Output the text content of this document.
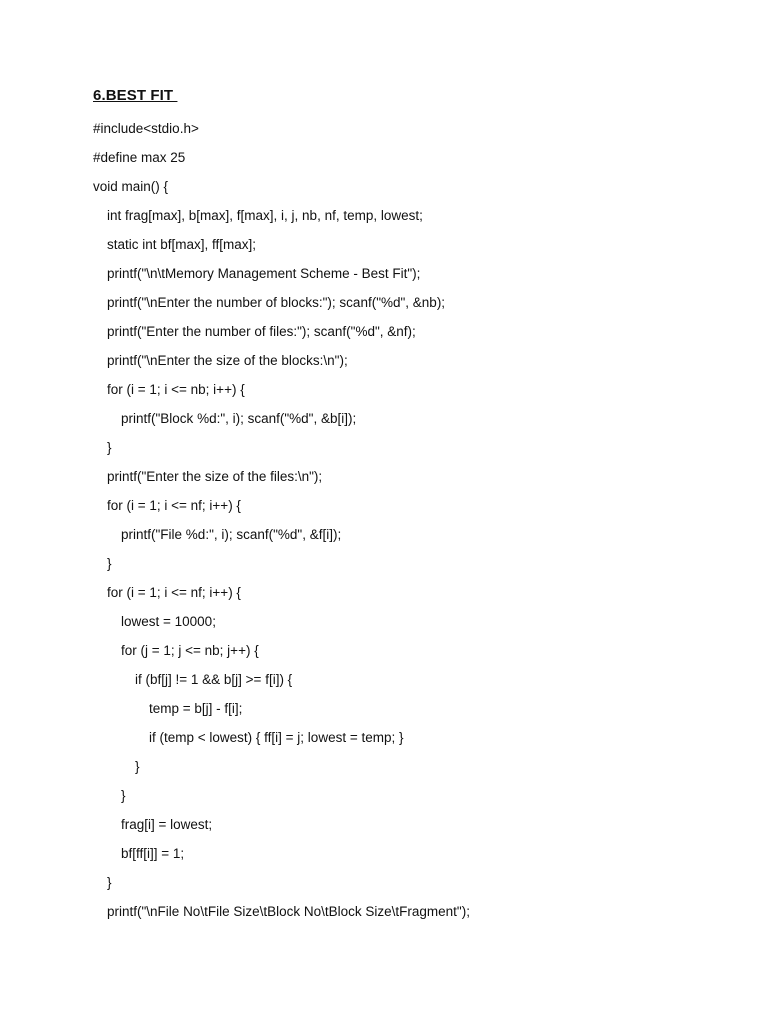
6.BEST FIT
#include<stdio.h>
#define max 25
void main() {
int frag[max], b[max], f[max], i, j, nb, nf, temp, lowest;
static int bf[max], ff[max];
printf("\n\tMemory Management Scheme - Best Fit");
printf("\nEnter the number of blocks:"); scanf("%d", &nb);
printf("Enter the number of files:"); scanf("%d", &nf);
printf("\nEnter the size of the blocks:\n");
for (i = 1; i <= nb; i++) {
printf("Block %d:", i); scanf("%d", &b[i]);
}
printf("Enter the size of the files:\n");
for (i = 1; i <= nf; i++) {
printf("File %d:", i); scanf("%d", &f[i]);
}
for (i = 1; i <= nf; i++) {
lowest = 10000;
for (j = 1; j <= nb; j++) {
if (bf[j] != 1 && b[j] >= f[i]) {
temp = b[j] - f[i];
if (temp < lowest) { ff[i] = j; lowest = temp; }
}
}
frag[i] = lowest;
bf[ff[i]] = 1;
}
printf("\nFile No\tFile Size\tBlock No\tBlock Size\tFragment");
